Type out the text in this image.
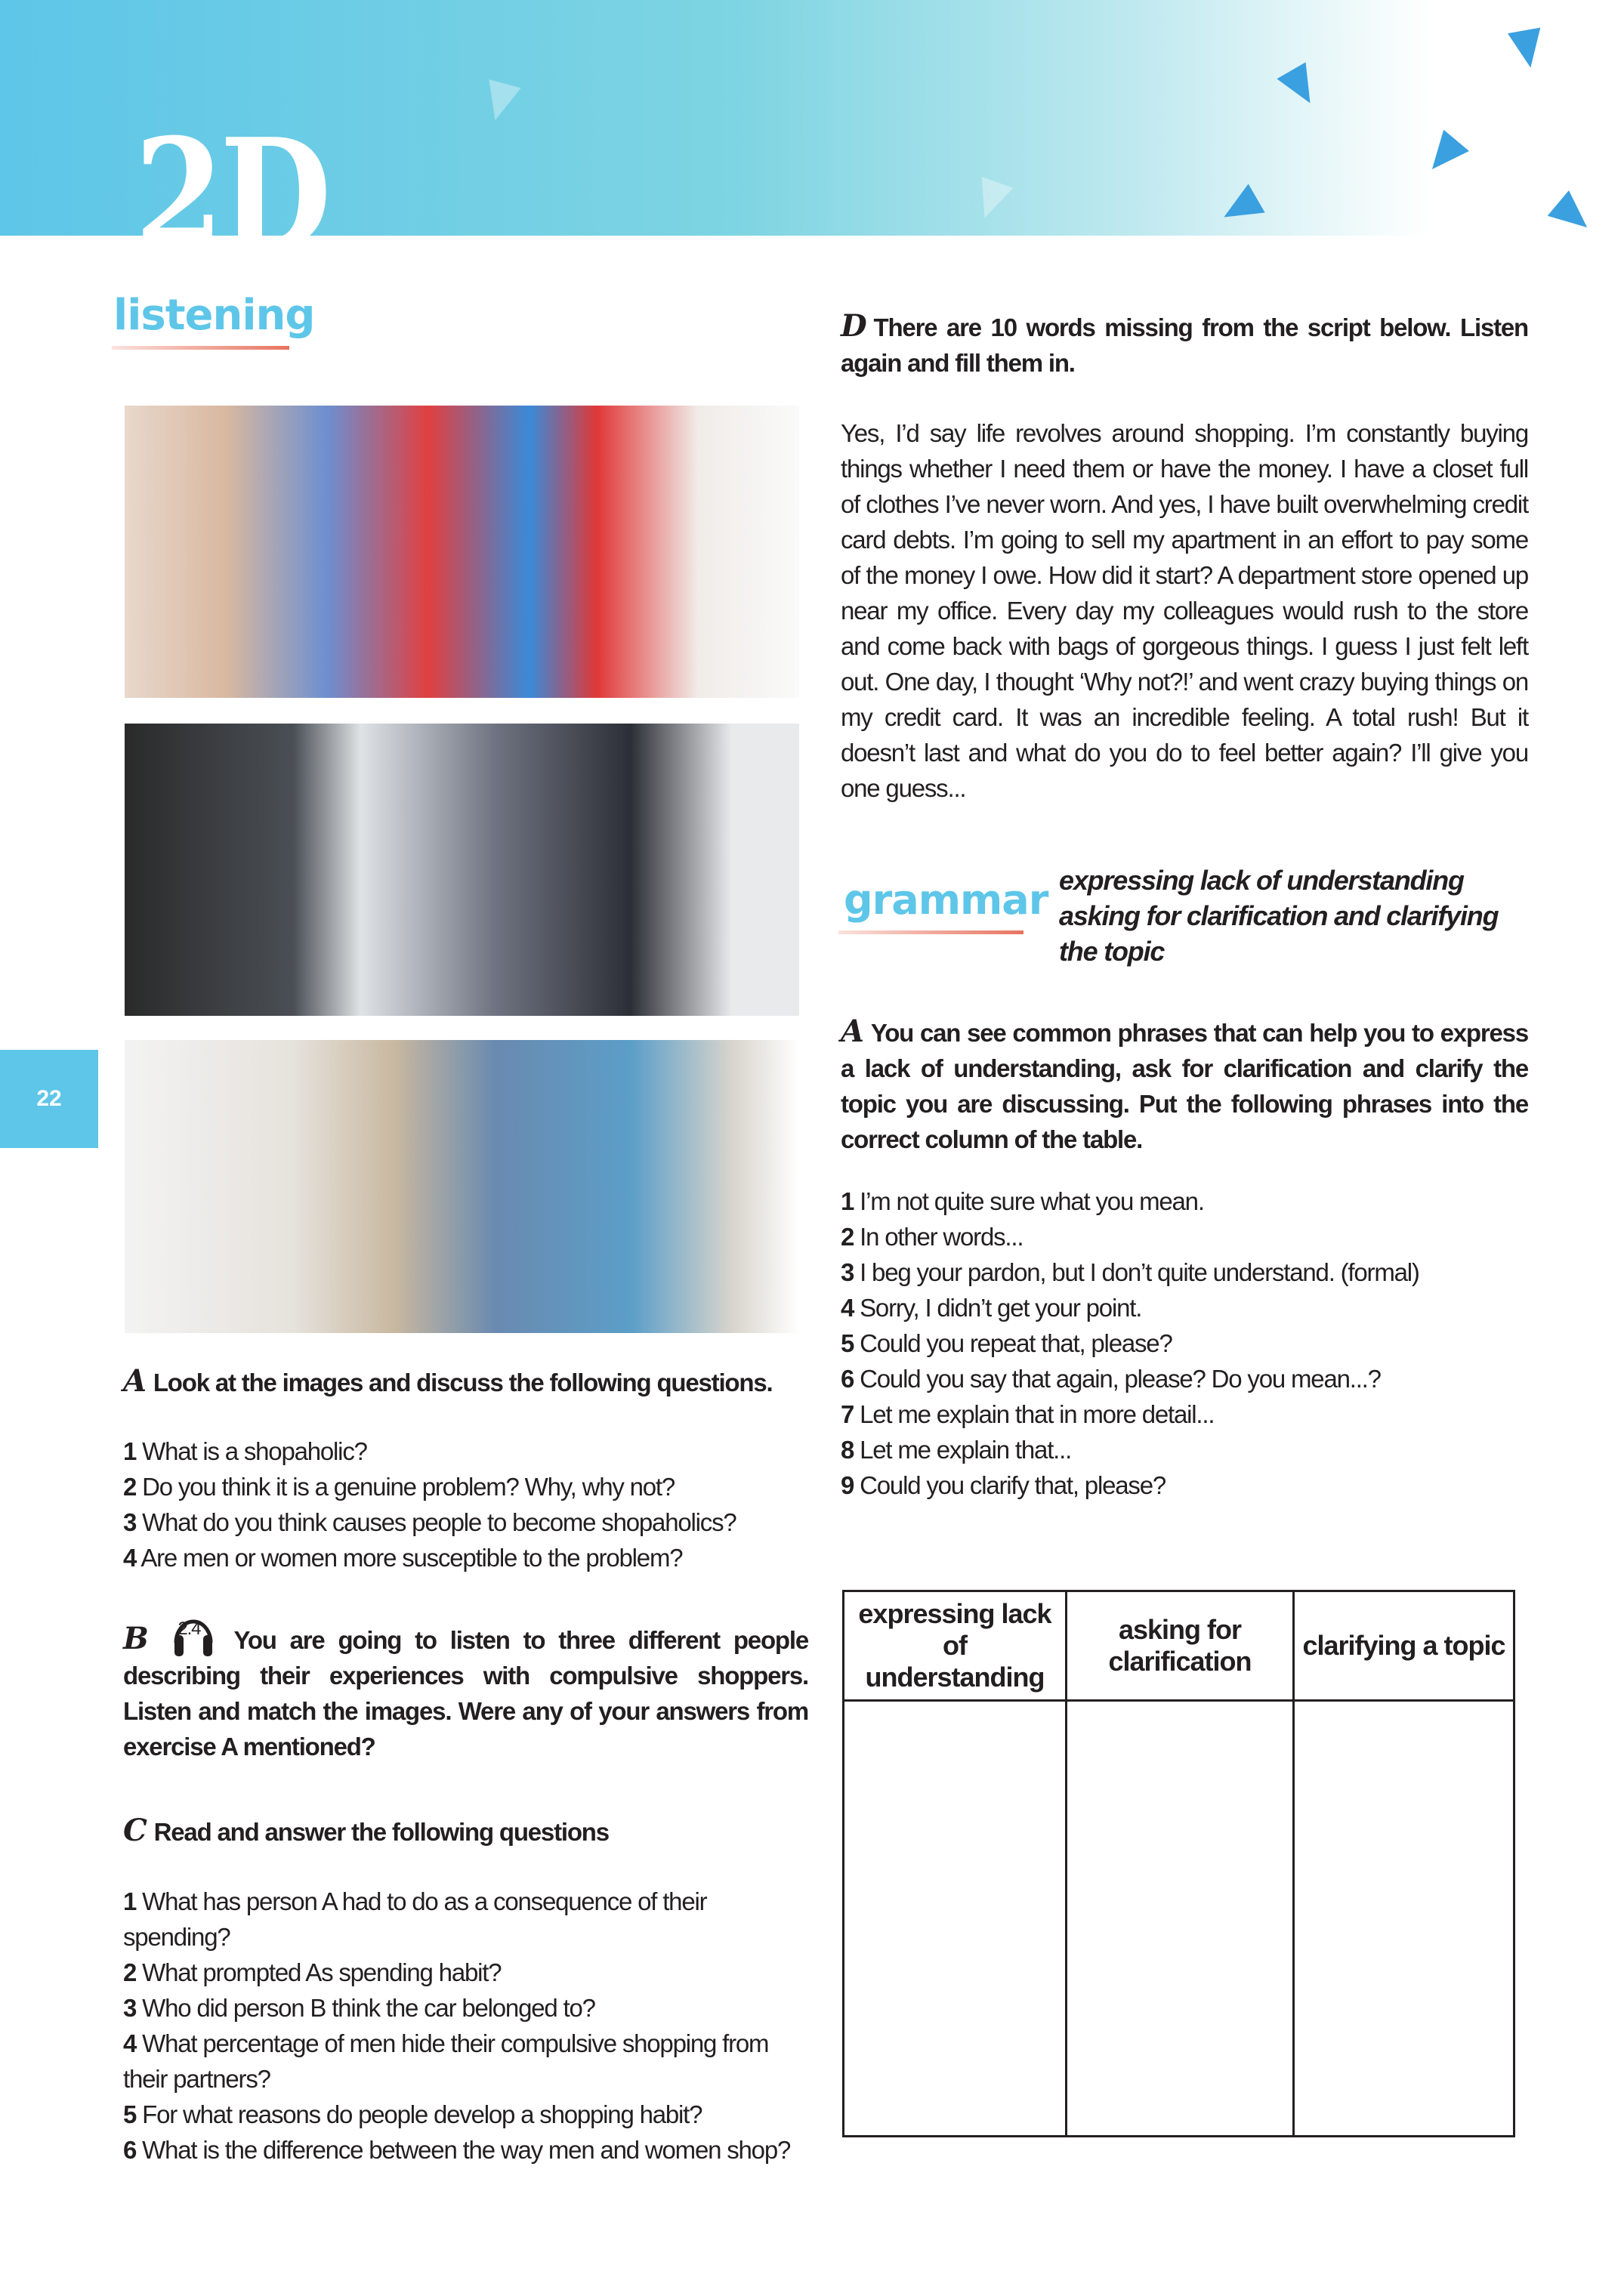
2D
listening
22
A Look at the images and discuss the following questions.
1 What is a shopaholic?
2 Do you think it is a genuine problem? Why, why not?
3 What do you think causes people to become shopaholics?
4 Are men or women more susceptible to the problem?
B 2.4 You are going to listen to three different people describing their experiences with compulsive shoppers. Listen and match the images. Were any of your answers from exercise A mentioned?
C Read and answer the following questions
1 What has person A had to do as a consequence of their spending?
2 What prompted As spending habit?
3 Who did person B think the car belonged to?
4 What percentage of men hide their compulsive shopping from their partners?
5 For what reasons do people develop a shopping habit?
6 What is the difference between the way men and women shop?
D There are 10 words missing from the script below. Listen again and fill them in.
Yes, I’d say life revolves around shopping. I’m constantly buying things whether I need them or have the money. I have a closet full of clothes I’ve never worn. And yes, I have built overwhelming credit card debts. I’m going to sell my apartment in an effort to pay some of the money I owe. How did it start? A department store opened up near my office. Every day my colleagues would rush to the store and come back with bags of gorgeous things. I guess I just felt left out. One day, I thought ‘Why not?!’ and went crazy buying things on my credit card. It was an incredible feeling. A total rush! But it doesn’t last and what do you do to feel better again? I’ll give you one guess...
grammar expressing lack of understanding
asking for clarification and clarifying the topic
A You can see common phrases that can help you to express a lack of understanding, ask for clarification and clarify the topic you are discussing. Put the following phrases into the correct column of the table.
1 I’m not quite sure what you mean.
2 In other words...
3 I beg your pardon, but I don’t quite understand. (formal)
4 Sorry, I didn’t get your point.
5 Could you repeat that, please?
6 Could you say that again, please? Do you mean...?
7 Let me explain that in more detail...
8 Let me explain that...
9 Could you clarify that, please?
expressing lack of understanding	asking for clarification	clarifying a topic
